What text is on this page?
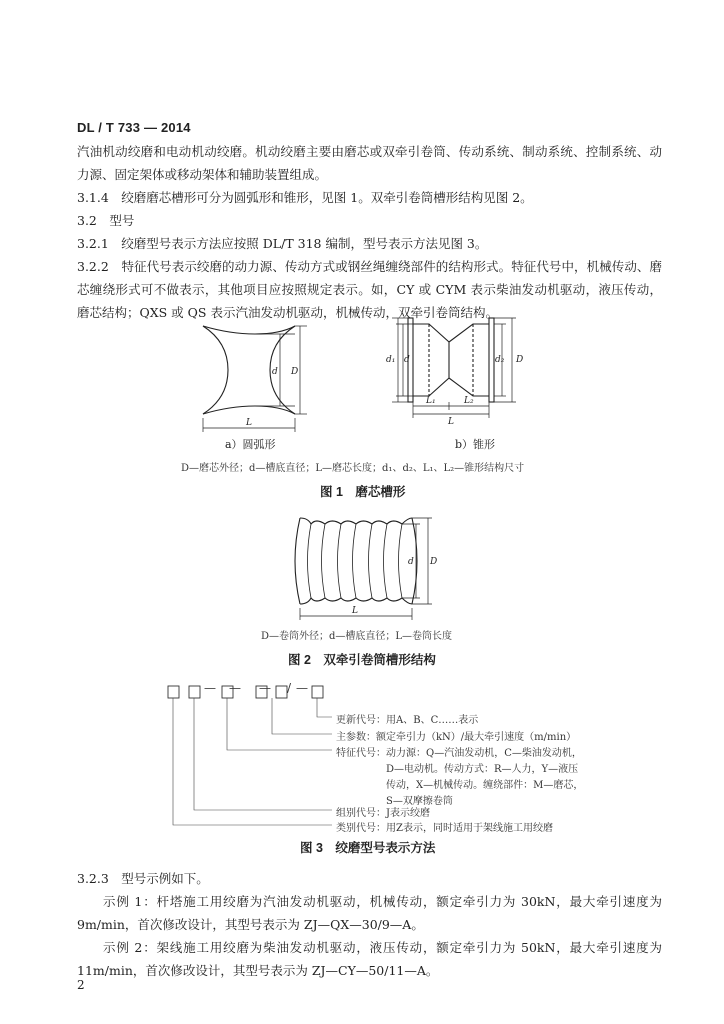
DL / T 733 — 2014
汽油机动绞磨和电动机动绞磨。机动绞磨主要由磨芯或双牵引卷筒、传动系统、制动系统、控制系统、动力源、固定架体或移动架体和辅助装置组成。
3.1.4　绞磨磨芯槽形可分为圆弧形和锥形，见图 1。双牵引卷筒槽形结构见图 2。
3.2　型号
3.2.1　绞磨型号表示方法应按照 DL/T 318 编制，型号表示方法见图 3。
3.2.2　特征代号表示绞磨的动力源、传动方式或钢丝绳缠绕部件的结构形式。特征代号中，机械传动、磨芯缠绕形式可不做表示，其他项目应按照规定表示。如，CY 或 CYM 表示柴油发动机驱动，液压传动，磨芯结构；QXS 或 QS 表示汽油发动机驱动，机械传动，双牵引卷筒结构。
d D
L
d₁ d	d₂ D
L₁	L₂
L
a）圆弧形	b）锥形
D—磨芯外径；d—槽底直径；L—磨芯长度；d₁、d₂、L₁、L₂—锥形结构尺寸
图 1　磨芯槽形
d D
L
D—卷筒外径；d—槽底直径；L—卷筒长度
图 2　双牵引卷筒槽形结构
— — — / —
更新代号：用A、B、C……表示
主参数：额定牵引力（kN）/最大牵引速度（m/min）
特征代号：动力源：Q—汽油发动机，C—柴油发动机，
D—电动机。传动方式：R—人力，Y—液压
传动，X—机械传动。缠绕部件：M—磨芯，
S—双摩擦卷筒
组别代号：J表示绞磨
类别代号：用Z表示，同时适用于架线施工用绞磨
图 3　绞磨型号表示方法
3.2.3　型号示例如下。
示例 1：杆塔施工用绞磨为汽油发动机驱动，机械传动，额定牵引力为 30kN，最大牵引速度为 9m/min，首次修改设计，其型号表示为 ZJ—QX—30/9—A。
示例 2：架线施工用绞磨为柴油发动机驱动，液压传动，额定牵引力为 50kN，最大牵引速度为 11m/min，首次修改设计，其型号表示为 ZJ—CY—50/11—A。
2
